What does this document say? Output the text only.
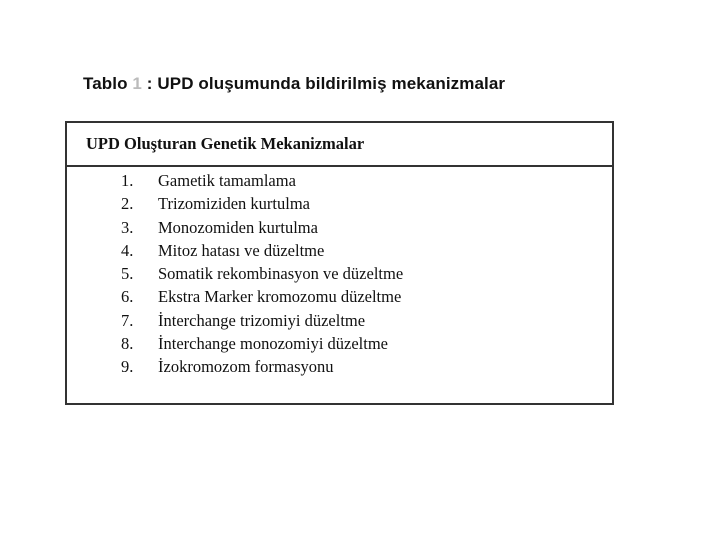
Tablo 1 : UPD oluşumunda bildirilmiş mekanizmalar
UPD Oluşturan Genetik Mekanizmalar
1. Gametik tamamlama
2. Trizomiziden kurtulma
3. Monozomiden kurtulma
4. Mitoz hatası ve düzeltme
5. Somatik rekombinasyon ve düzeltme
6. Ekstra Marker kromozomu düzeltme
7. İnterchange trizomiyi düzeltme
8. İnterchange monozomiyi düzeltme
9. İzokromozom formasyonu
